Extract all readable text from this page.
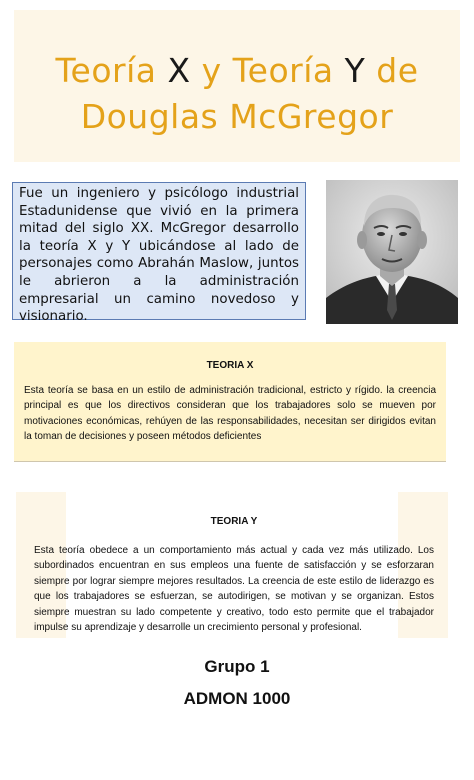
Teoría X y Teoría Y de
Douglas McGregor

Fue un ingeniero y psicólogo industrial Estadunidense que vivió en la primera mitad del siglo XX. McGregor desarrollo la teoría X y Y ubicándose al lado de personajes como Abrahán Maslow, juntos le abrieron a la administración empresarial un camino novedoso y visionario.

TEORIA X

Esta teoría se basa en un estilo de administración tradicional, estricto y rígido. la creencia principal es que los directivos consideran que los trabajadores solo se mueven por motivaciones económicas, rehúyen de las responsabilidades, necesitan ser dirigidos evitan la toman de decisiones y poseen métodos deficientes

TEORIA Y

Esta teoría obedece a un comportamiento más actual y cada vez más utilizado. Los subordinados encuentran en sus empleos una fuente de satisfacción y se esforzaran siempre por lograr siempre mejores resultados. La creencia de este estilo de liderazgo es que los trabajadores se esfuerzan, se autodirigen, se motivan y se organizan. Estos siempre muestran su lado competente y creativo, todo esto permite que el trabajador impulse su aprendizaje y desarrolle un crecimiento personal y profesional.

Grupo 1
ADMON 1000
